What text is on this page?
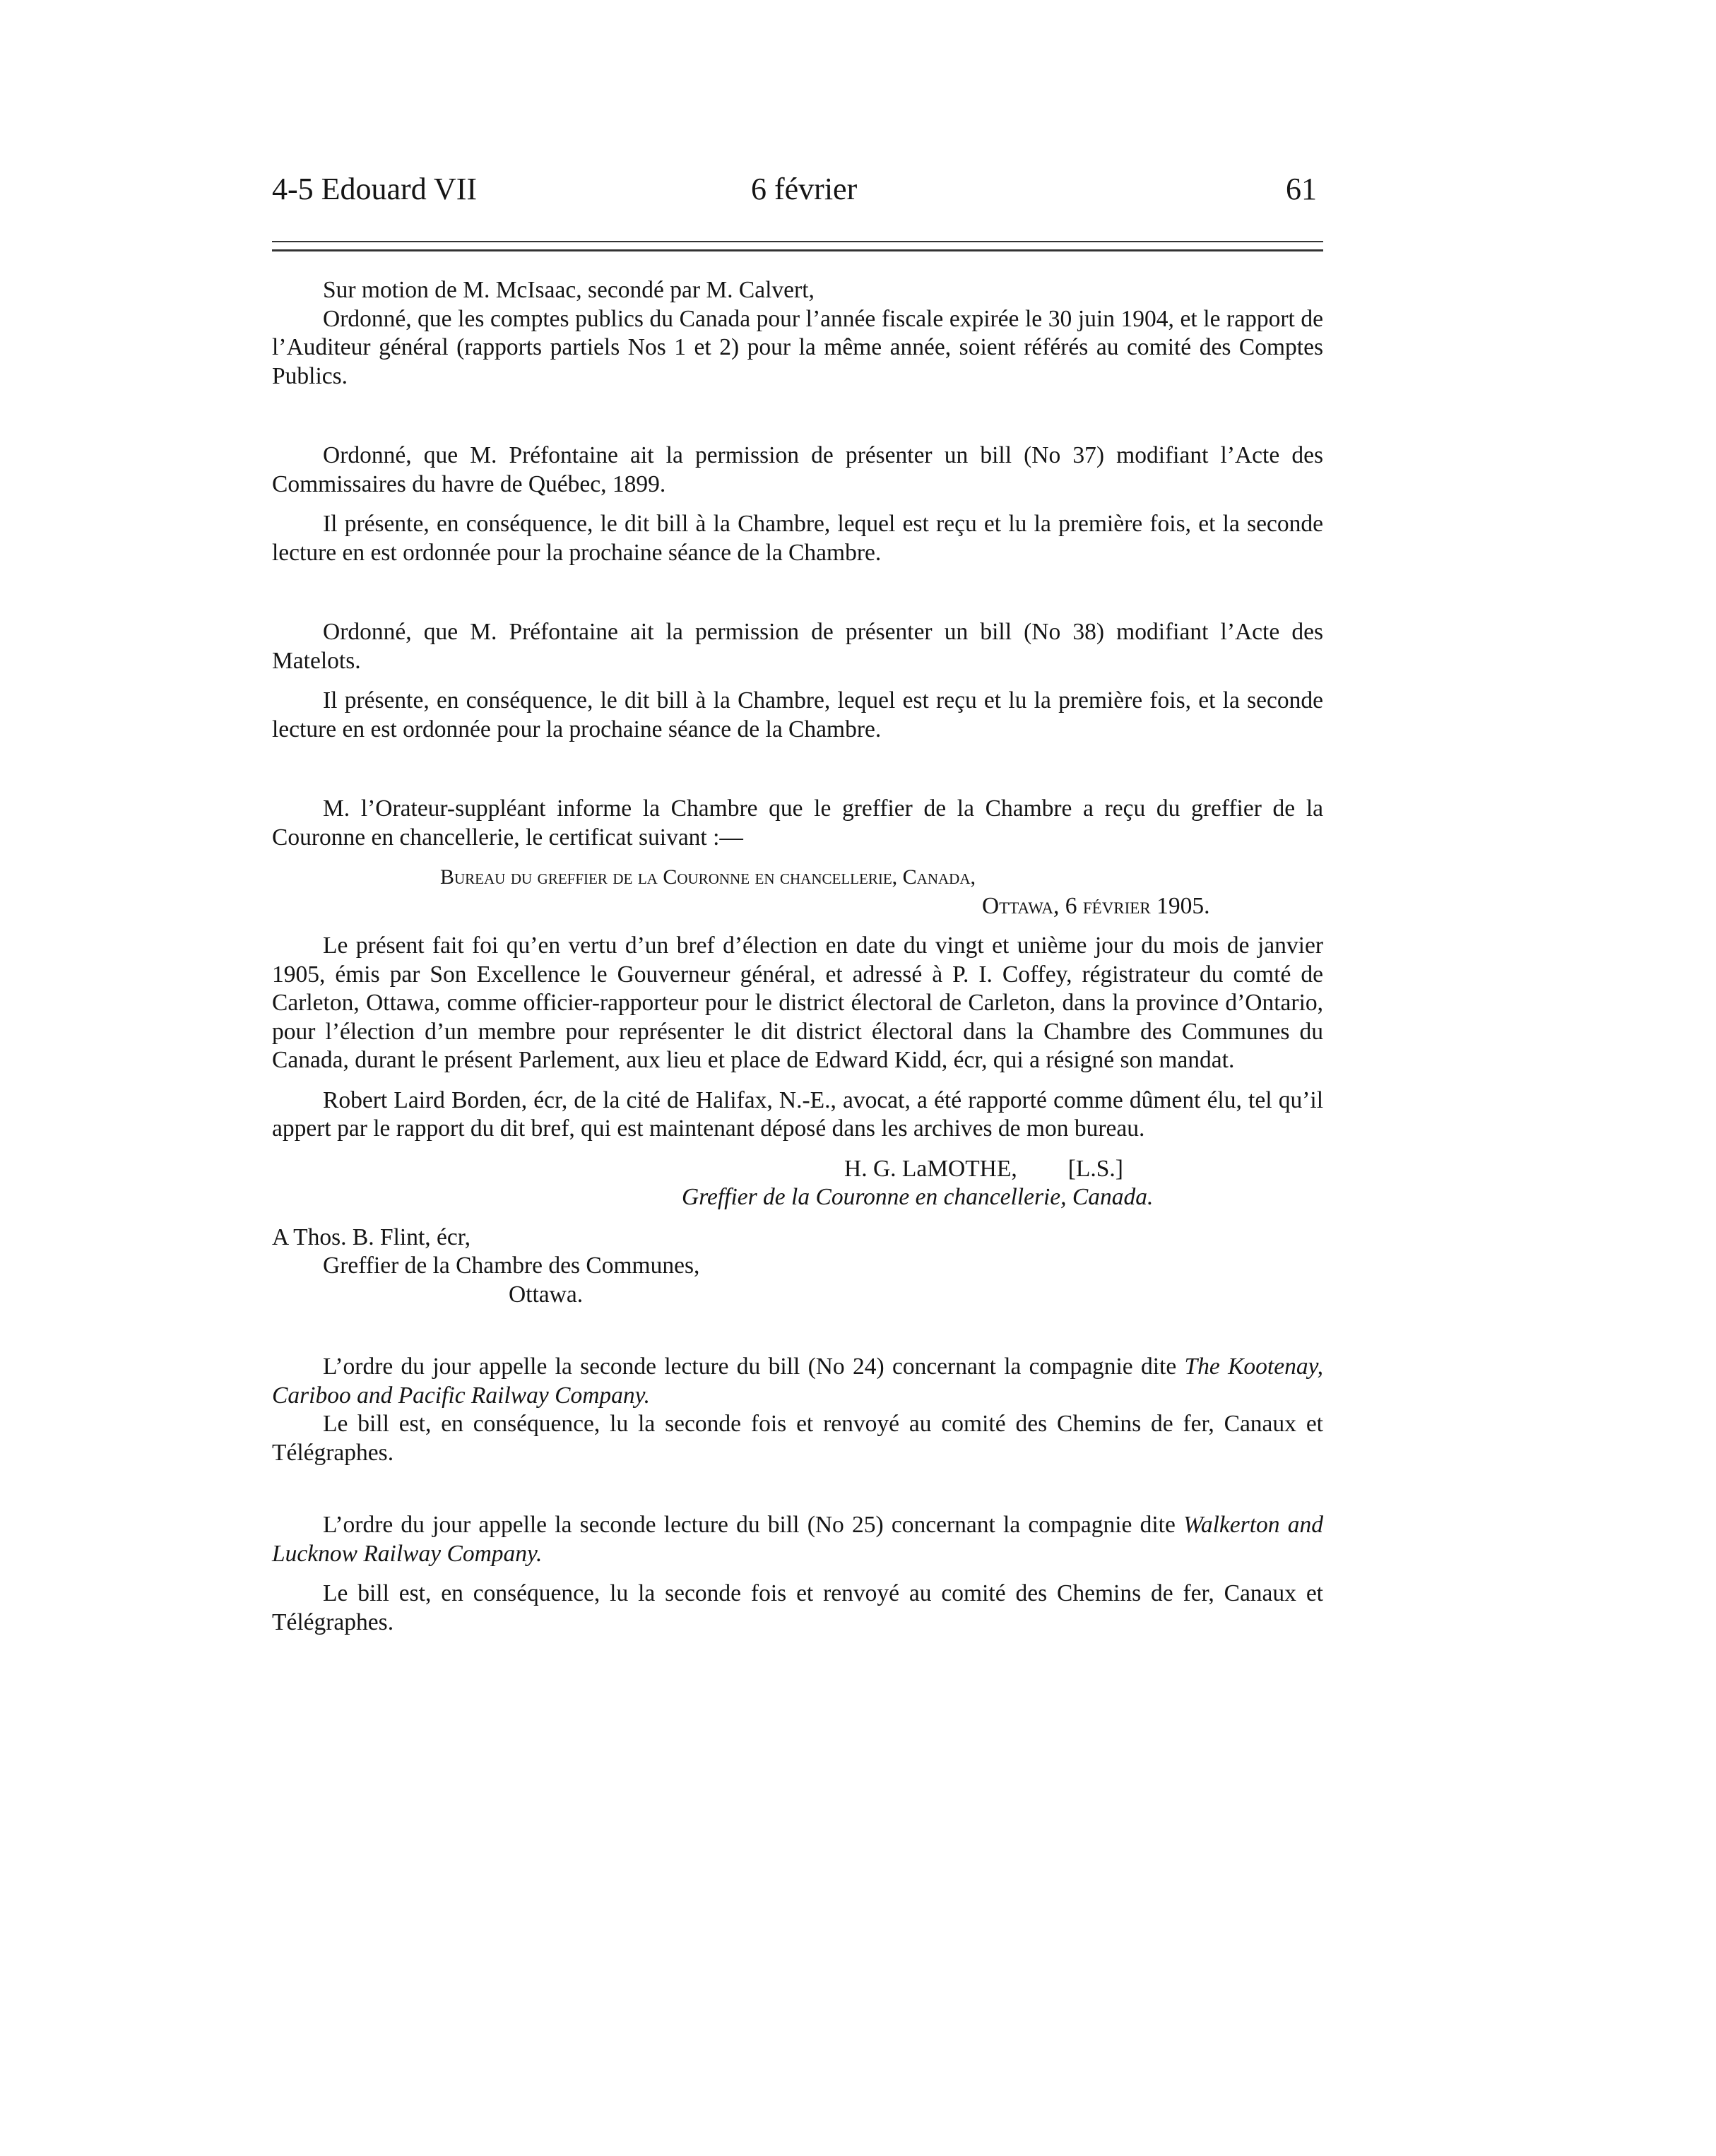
4-5 Edouard VII	6 février	61

Sur motion de M. McIsaac, secondé par M. Calvert,

Ordonné, que les comptes publics du Canada pour l’année fiscale expirée le 30 juin 1904, et le rapport de l’Auditeur général (rapports partiels Nos 1 et 2) pour la même année, soient référés au comité des Comptes Publics.

Ordonné, que M. Préfontaine ait la permission de présenter un bill (No 37) modifiant l’Acte des Commissaires du havre de Québec, 1899.

Il présente, en conséquence, le dit bill à la Chambre, lequel est reçu et lu la première fois, et la seconde lecture en est ordonnée pour la prochaine séance de la Chambre.

Ordonné, que M. Préfontaine ait la permission de présenter un bill (No 38) modifiant l’Acte des Matelots.

Il présente, en conséquence, le dit bill à la Chambre, lequel est reçu et lu la première fois, et la seconde lecture en est ordonnée pour la prochaine séance de la Chambre.

M. l’Orateur-suppléant informe la Chambre que le greffier de la Chambre a reçu du greffier de la Couronne en chancellerie, le certificat suivant :—

Bureau du greffier de la Couronne en chancellerie, Canada,
Ottawa, 6 février 1905.

Le présent fait foi qu’en vertu d’un bref d’élection en date du vingt et unième jour du mois de janvier 1905, émis par Son Excellence le Gouverneur général, et adressé à P. I. Coffey, régistrateur du comté de Carleton, Ottawa, comme officier-rapporteur pour le district électoral de Carleton, dans la province d’Ontario, pour l’élection d’un membre pour représenter le dit district électoral dans la Chambre des Communes du Canada, durant le présent Parlement, aux lieu et place de Edward Kidd, écr, qui a résigné son mandat.

Robert Laird Borden, écr, de la cité de Halifax, N.-E., avocat, a été rapporté comme dûment élu, tel qu’il appert par le rapport du dit bref, qui est maintenant déposé dans les archives de mon bureau.

H. G. LaMOTHE, [L.S.]
Greffier de la Couronne en chancellerie, Canada.

A Thos. B. Flint, écr,
Greffier de la Chambre des Communes,
Ottawa.

L’ordre du jour appelle la seconde lecture du bill (No 24) concernant la compagnie dite The Kootenay, Cariboo and Pacific Railway Company.

Le bill est, en conséquence, lu la seconde fois et renvoyé au comité des Chemins de fer, Canaux et Télégraphes.

L’ordre du jour appelle la seconde lecture du bill (No 25) concernant la compagnie dite Walkerton and Lucknow Railway Company.

Le bill est, en conséquence, lu la seconde fois et renvoyé au comité des Chemins de fer, Canaux et Télégraphes.
